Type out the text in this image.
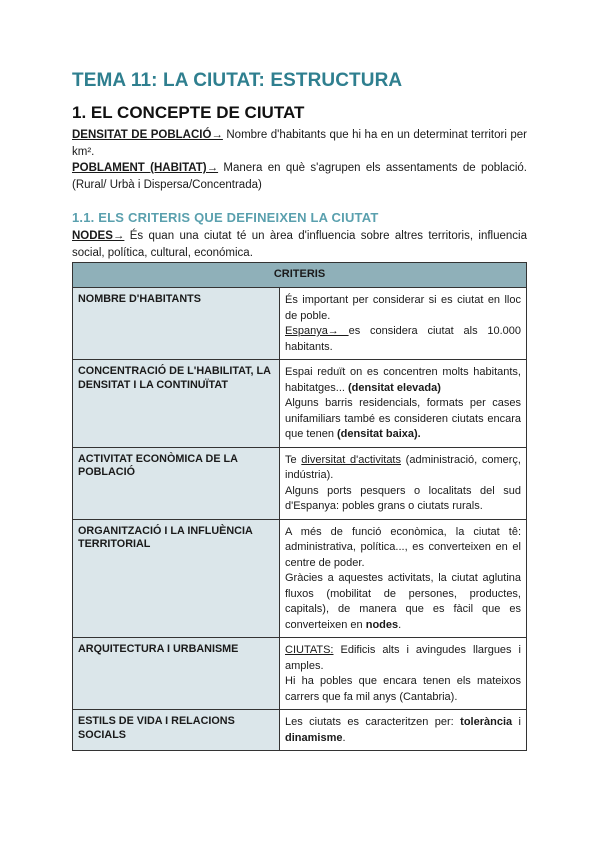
TEMA 11: LA CIUTAT: ESTRUCTURA
1. EL CONCEPTE DE CIUTAT
DENSITAT DE POBLACIÓ→ Nombre d'habitants que hi ha en un determinat territori per km².
POBLAMENT (HABITAT)→ Manera en què s'agrupen els assentaments de població. (Rural/ Urbà i Dispersa/Concentrada)
1.1. ELS CRITERIS QUE DEFINEIXEN LA CIUTAT
NODES→ És quan una ciutat té un àrea d'influencia sobre altres territoris, influencia social, política, cultural, económica.
CRITERIS	
NOMBRE D'HABITANTS	És important per considerar si es ciutat en lloc de poble.
Espanya→ es considera ciutat als 10.000 habitants.

CONCENTRACIÓ DE L'HABILITAT, LA DENSITAT I LA CONTINUÏTAT	Espai reduït on es concentren molts habitants, habitatges... (densitat elevada)
Alguns barris residencials, formats per cases unifamiliars també es consideren ciutats encara que tenen (densitat baixa).

ACTIVITAT ECONÒMICA DE LA POBLACIÓ	Te diversitat d'activitats (administració, comerç, indústria).
Alguns ports pesquers o localitats del sud d'Espanya: pobles grans o ciutats rurals.

ORGANITZACIÓ I LA INFLUÈNCIA TERRITORIAL	A més de funció econòmica, la ciutat tê: administrativa, política..., es converteixen en el centre de poder.
Gràcies a aquestes activitats, la ciutat aglutina fluxos (mobilitat de persones, productes, capitals), de manera que es fàcil que es converteixen en nodes.

ARQUITECTURA I URBANISME	CIUTATS: Edificis alts i avingudes llargues i amples.
Hi ha pobles que encara tenen els mateixos carrers que fa mil anys (Cantabria).

ESTILS DE VIDA I RELACIONS SOCIALS	Les ciutats es caracteritzen per: tolerància i dinamisme.
